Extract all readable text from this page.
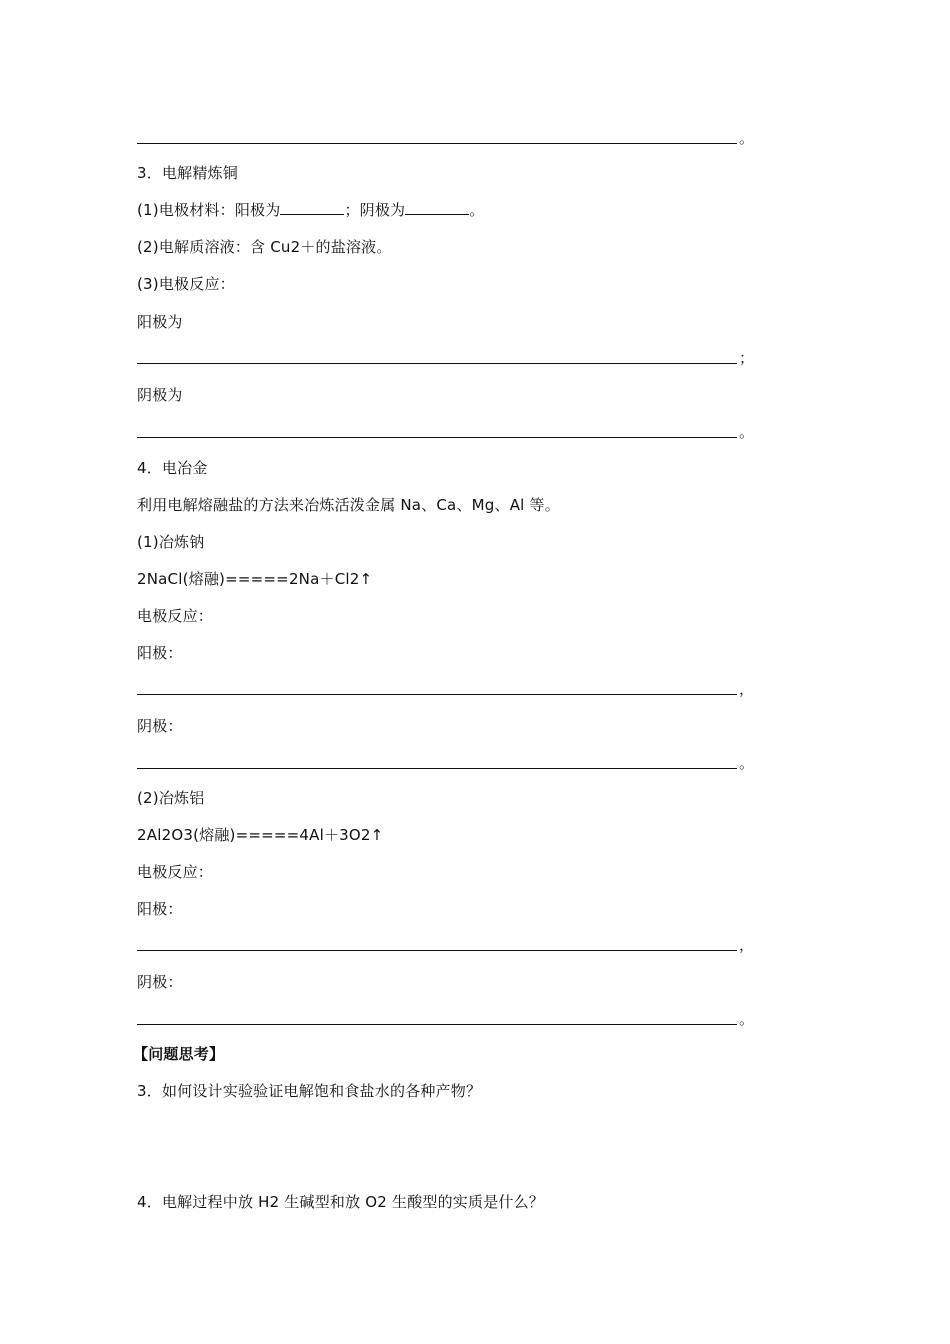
。
3．电解精炼铜
(1)电极材料：阳极为	；阴极为	。
(2)电解质溶液：含 Cu2＋的盐溶液。
(3)电极反应：
阳极为
；
阴极为
。
4．电冶金
利用电解熔融盐的方法来冶炼活泼金属 Na、Ca、Mg、Al 等。
(1)冶炼钠
2NaCl(熔融)=====2Na＋Cl2↑
电极反应：
阳极：
，
阴极：
。
(2)冶炼铝
2Al2O3(熔融)=====4Al＋3O2↑
电极反应：
阳极：
，
阴极：
。
【问题思考】
3．如何设计实验验证电解饱和食盐水的各种产物？
4．电解过程中放 H2 生碱型和放 O2 生酸型的实质是什么？
